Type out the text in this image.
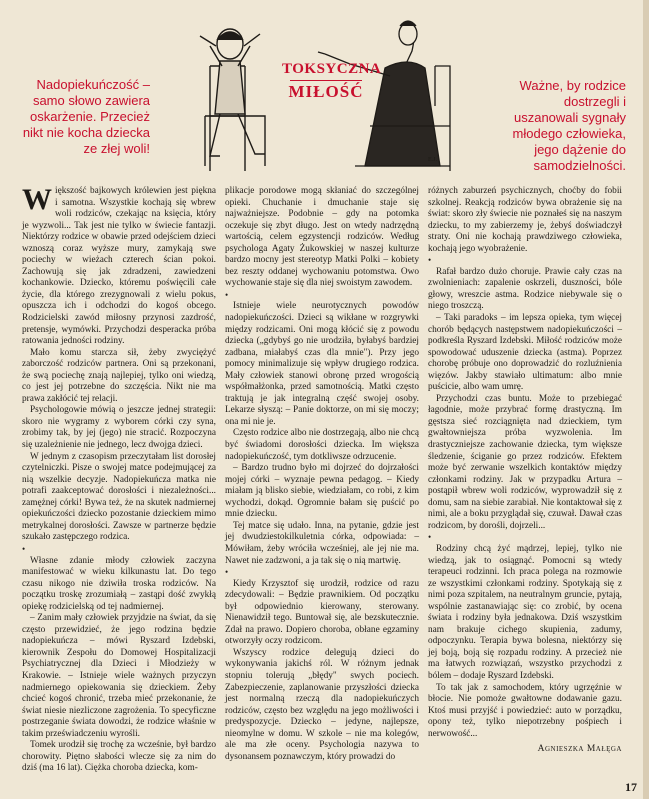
E.J.
TOKSYCZNA
MIŁOŚĆ
Nadopiekuńczość – samo słowo zawiera oskarżenie. Przecież nikt nie kocha dziecka ze złej woli!
Ważne, by rodzice dostrzegli i uszanowali sygnały młodego człowieka, jego dążenie do samodzielności.

Większość bajkowych królewien jest piękna i samotna. Wszystkie kochają się wbrew woli rodziców, czekając na księcia, który je wyzwoli... Tak jest nie tylko w świecie fantazji. Niektórzy rodzice w obawie przed odejściem dzieci wznoszą coraz wyższe mury, zamykają swe pociechy w wieżach czterech ścian pokoi. Zachowują się jak zdradzeni, zawiedzeni kochankowie. Dziecko, któremu poświęcili całe życie, dla którego zrezygnowali z wielu pokus, opuszcza ich i odchodzi do kogoś obcego. Rodzicielski zawód miłosny przynosi zazdrość, pretensje, wymówki. Przychodzi desperacka próba ratowania jedności rodziny.

Mało komu starcza sił, żeby zwyciężyć zaborczość rodziców partnera. Oni są przekonani, że swą pociechę znają najlepiej, tylko oni wiedzą, co jest jej potrzebne do szczęścia. Nikt nie ma prawa zakłócić tej relacji.

Psychologowie mówią o jeszcze jednej strategii: skoro nie wygramy z wyborem córki czy syna, zrobimy tak, by jej (jego) nie stracić. Rozpoczyna się uzależnienie nie jednego, lecz dwojga dzieci.

W jednym z czasopism przeczytałam list dorosłej czytelniczki. Pisze o swojej matce podejmującej za nią wszelkie decyzje. Nadopiekuńcza matka nie potrafi zaakceptować dorosłości i niezależności... zamężnej córki! Bywa też, że na skutek nadmiernej opiekuńczości dziecko pozostanie dzieckiem mimo metrykalnej dorosłości. Zawsze w partnerze będzie szukało zastępczego rodzica.

•

Własne zdanie młody człowiek zaczyna manifestować w wieku kilkunastu lat. Do tego czasu nikogo nie dziwiła troska rodziców. Na początku troskę zrozumiałą – zastąpi dość zwykłą opiekę rodzicielską od tej nadmiernej.

– Zanim mały człowiek przyjdzie na świat, da się często przewidzieć, że jego rodzina będzie nadopiekuńcza – mówi Ryszard Izdebski, kierownik Zespołu do Domowej Hospitalizacji Psychiatrycznej dla Dzieci i Młodzieży w Krakowie. – Istnieje wiele ważnych przyczyn nadmiernego opiekowania się dzieckiem. Żeby chcieć kogoś chronić, trzeba mieć przekonanie, że świat niesie niezliczone zagrożenia. To specyficzne postrzeganie świata dowodzi, że rodzice właśnie w takim przeświadczeniu wyrośli.

Tomek urodził się trochę za wcześnie, był bardzo chorowity. Piętno słabości wlecze się za nim do dziś (ma 16 lat). Ciężka choroba dziecka, kom-

plikacje porodowe mogą skłaniać do szczególnej opieki. Chuchanie i dmuchanie staje się najważniejsze. Podobnie – gdy na potomka oczekuje się zbyt długo. Jest on wtedy nadrzędną wartością, celem egzystencji rodziców. Według psychologa Agaty Żukowskiej w naszej kulturze bardzo mocny jest stereotyp Matki Polki – kobiety bez reszty oddanej wychowaniu potomstwa. Owo wychowanie staje się dla niej swoistym zawodem.

•

Istnieje wiele neurotycznych powodów nadopiekuńczości. Dzieci są wikłane w rozgrywki między rodzicami. Oni mogą kłócić się z powodu dziecka („gdybyś go nie urodziła, byłabyś bardziej zadbana, miałabyś czas dla mnie"). Przy jego pomocy minimalizuje się wpływ drugiego rodzica. Mały człowiek stanowi obronę przed wrogością współmałżonka, przed samotnością. Matki często traktują je jak integralną część swojej osoby. Lekarze słyszą: – Panie doktorze, on mi się moczy; ona mi nie je.

Często rodzice albo nie dostrzegają, albo nie chcą być świadomi dorosłości dziecka. Im większa nadopiekuńczość, tym dotkliwsze odrzucenie.

– Bardzo trudno było mi dojrzeć do dojrzałości mojej córki – wyznaje pewna pedagog. – Kiedy miałam ją blisko siebie, wiedziałam, co robi, z kim wychodzi, dokąd. Ogromnie bałam się puścić po mnie dziecku.

Tej matce się udało. Inna, na pytanie, gdzie jest jej dwudziestokilkuletnia córka, odpowiada: – Mówiłam, żeby wróciła wcześniej, ale jej nie ma. Nawet nie zadzwoni, a ja tak się o nią martwię.

•

Kiedy Krzysztof się urodził, rodzice od razu zdecydowali: – Będzie prawnikiem. Od początku był odpowiednio kierowany, sterowany. Nienawidził tego. Buntował się, ale bezskutecznie. Zdał na prawo. Dopiero choroba, obłane egzaminy otworzyły oczy rodzicom.

Wszyscy rodzice delegują dzieci do wykonywania jakichś ról. W różnym jednak stopniu tolerują „błędy" swych pociech. Zabezpieczenie, zaplanowanie przyszłości dziecka jest normalną rzeczą dla nadopiekuńczych rodziców, często bez względu na jego możliwości i predyspozycje. Dziecko – jedyne, najlepsze, nieomylne w domu. W szkole – nie ma kolegów, ale ma złe oceny. Psychologia nazywa to dysonansem poznawczym, który prowadzi do

różnych zaburzeń psychicznych, choćby do fobii szkolnej. Reakcją rodziców bywa obrażenie się na świat: skoro zły świecie nie poznałeś się na naszym dziecku, to my zabierzemy je, żebyś doświadczył straty. Oni nie kochają prawdziwego człowieka, kochają jego wyobrażenie.

•

Rafał bardzo dużo choruje. Prawie cały czas na zwolnieniach: zapalenie oskrzeli, duszności, bóle głowy, wreszcie astma. Rodzice niebywale się o niego troszczą.

– Taki paradoks – im lepsza opieka, tym więcej chorób będących następstwem nadopiekuńczości – podkreśla Ryszard Izdebski. Miłość rodziców może spowodować uduszenie dziecka (astma). Poprzez chorobę próbuje ono doprowadzić do rozluźnienia więzów. Jakby stawiało ultimatum: albo mnie puścicie, albo wam umrę.

Przychodzi czas buntu. Może to przebiegać łagodnie, może przybrać formę drastyczną. Im gęstsza sieć rozciągnięta nad dzieckiem, tym gwałtowniejsza próba wyzwolenia. Im drastyczniejsze zachowanie dziecka, tym większe śledzenie, ściganie go przez rodziców. Efektem może być zerwanie wszelkich kontaktów między członkami rodziny. Jak w przypadku Artura – postąpił wbrew woli rodziców, wyprowadził się z domu, sam na siebie zarabiał. Nie kontaktował się z nimi, ale a boku przyglądał się, czuwał. Dawał czas rodzicom, by dorośli, dojrzeli...

•

Rodziny chcą żyć mądrzej, lepiej, tylko nie wiedzą, jak to osiągnąć. Pomocni są wtedy terapeuci rodzinni. Ich praca polega na rozmowie ze wszystkimi członkami rodziny. Spotykają się z nimi poza szpitalem, na neutralnym gruncie, pytają, wspólnie zastanawiając się: co zrobić, by ocena świata i rodziny była jednakowa. Dziś wszystkim nam brakuje cichego skupienia, zadumy, odpoczynku. Terapia bywa bolesna, niektórzy się jej boją, boją się rozpadu rodziny. A przecież nie ma łatwych rozwiązań, wszystko przychodzi z bólem – dodaje Ryszard Izdebski.

To tak jak z samochodem, który ugrzęźnie w błocie. Nie pomoże gwałtowne dodawanie gazu. Ktoś musi przyjść i powiedzieć: auto w porządku, opony też, tylko niepotrzebny pośpiech i nerwowość...

Agnieszka Małęga
17
